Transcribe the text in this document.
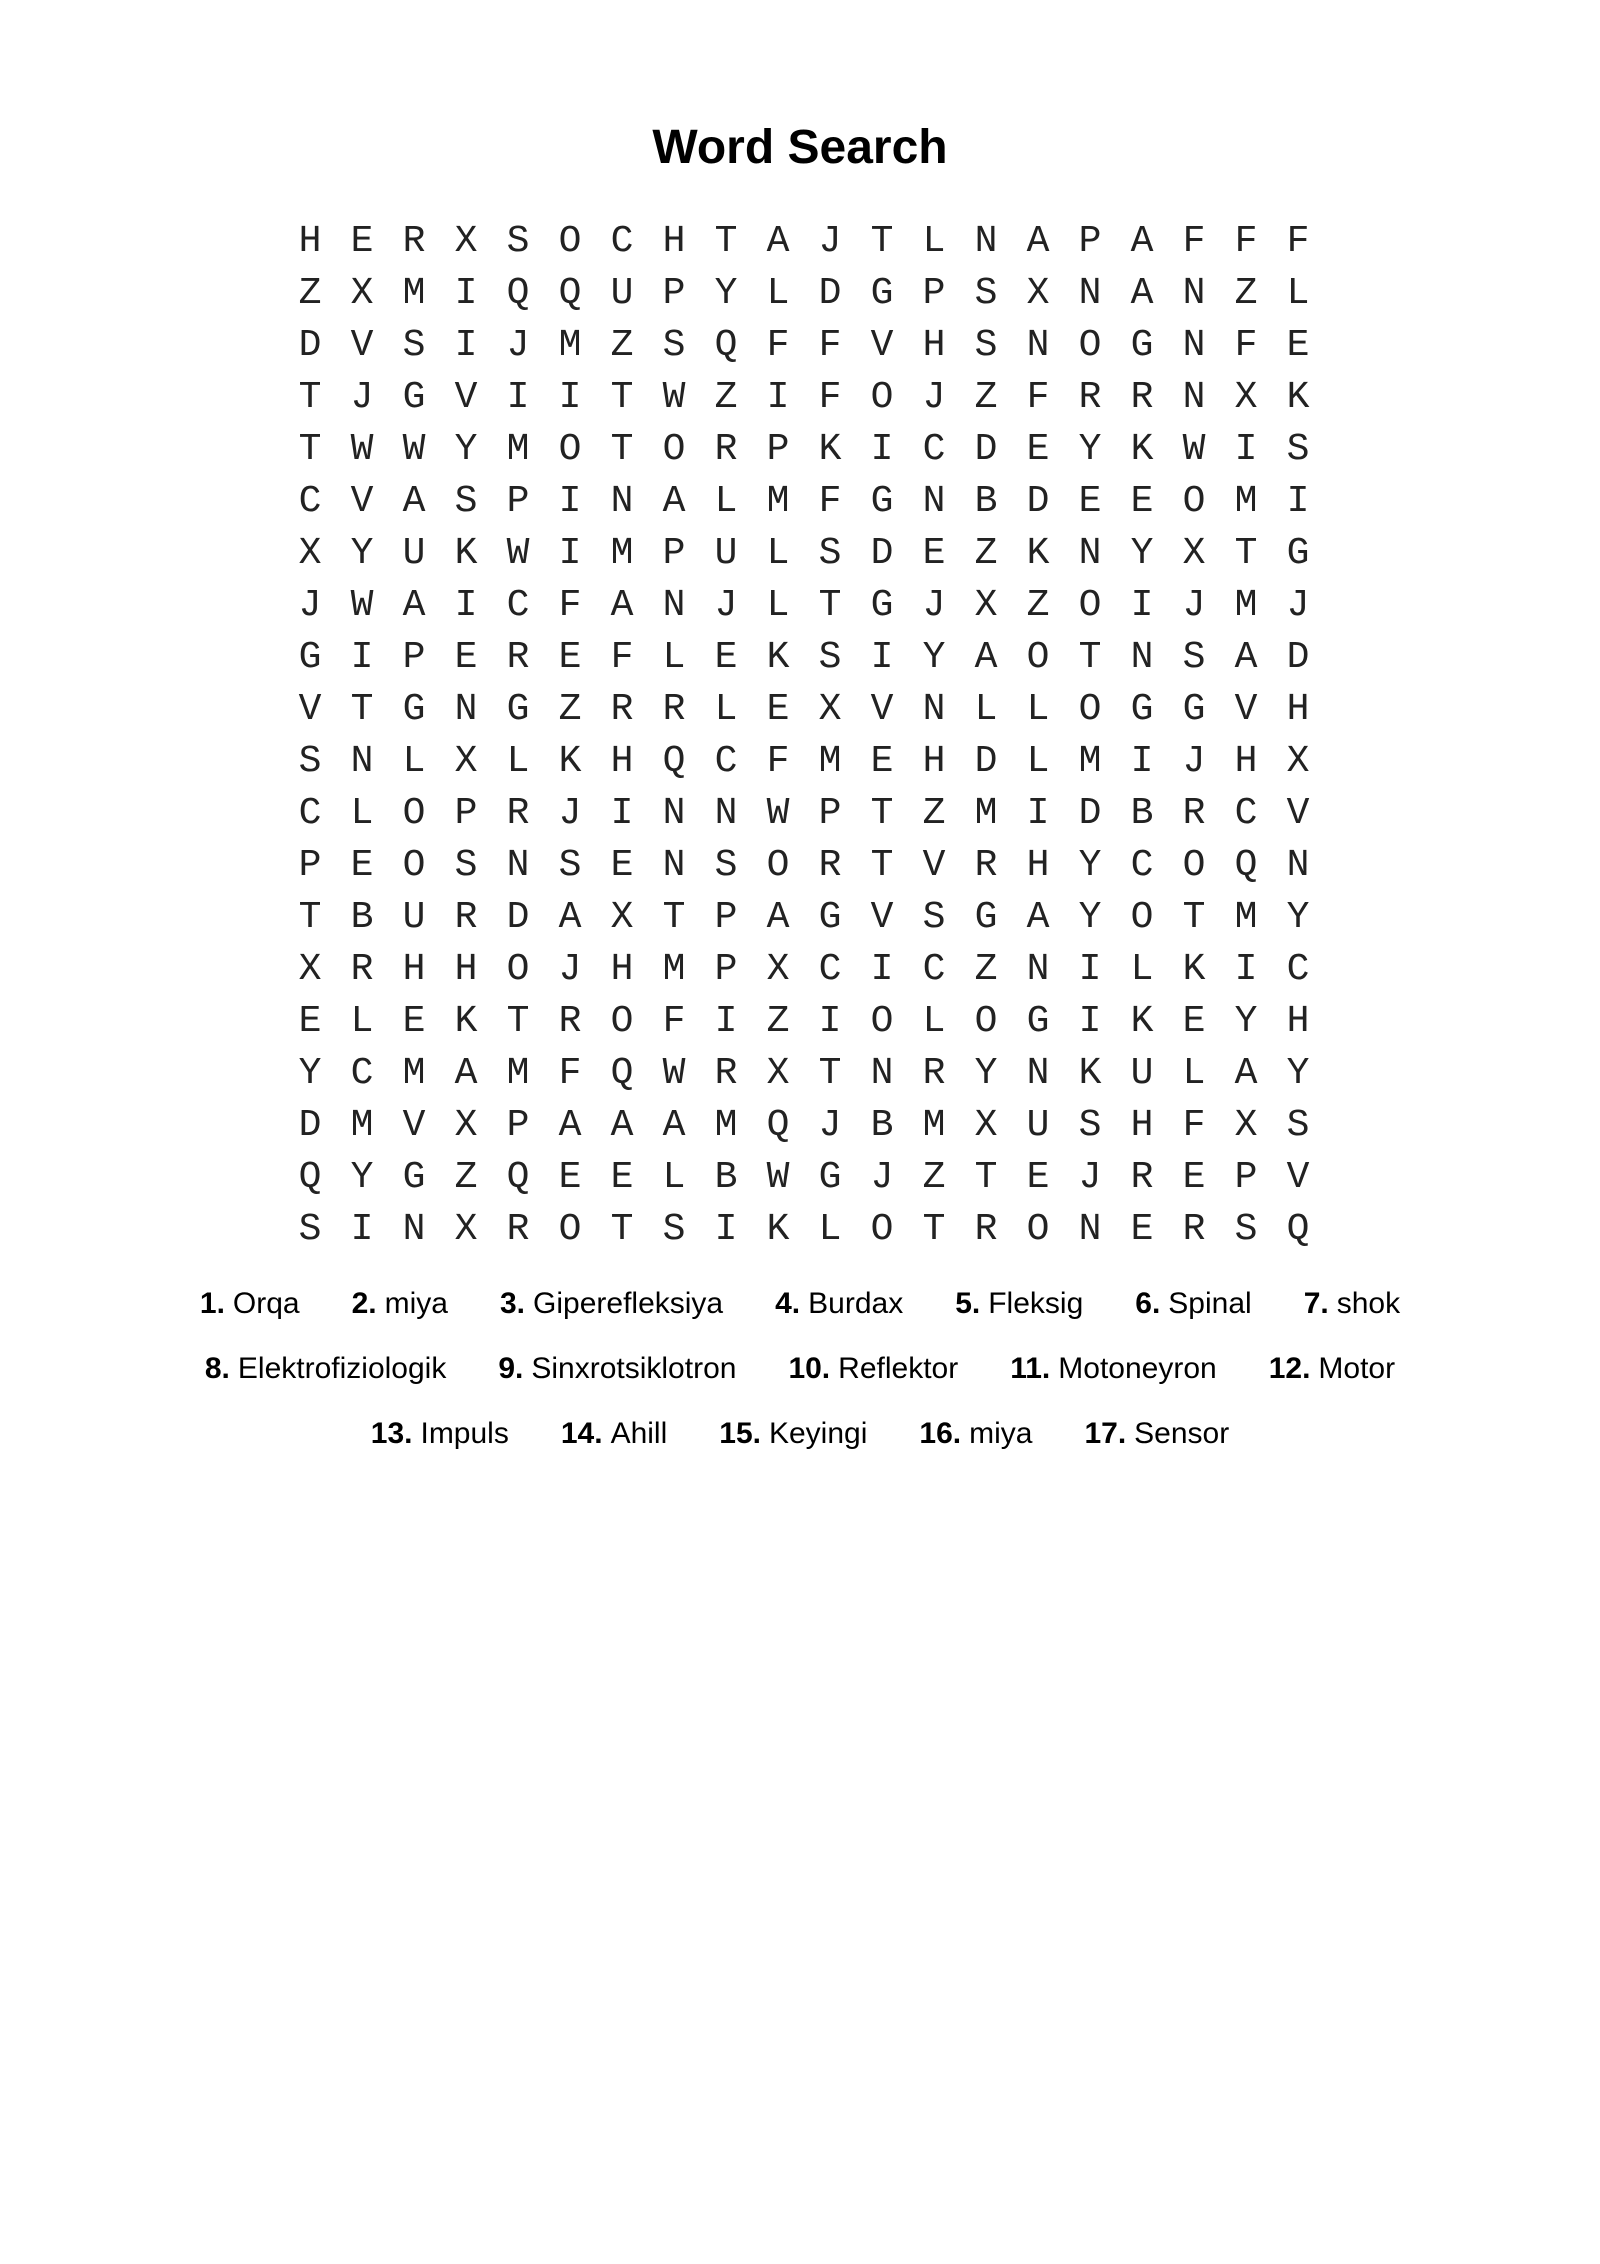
Word Search
H E R X S O C H T A J T L N A P A F F F
Z X M I Q Q U P Y L D G P S X N A N Z L
D V S I J M Z S Q F F V H S N O G N F E
T J G V I I T W Z I F O J Z F R R N X K
T W W Y M O T O R P K I C D E Y K W I S
C V A S P I N A L M F G N B D E E O M I
X Y U K W I M P U L S D E Z K N Y X T G
J W A I C F A N J L T G J X Z O I J M J
G I P E R E F L E K S I Y A O T N S A D
V T G N G Z R R L E X V N L L O G G V H
S N L X L K H Q C F M E H D L M I J H X
C L O P R J I N N W P T Z M I D B R C V
P E O S N S E N S O R T V R H Y C O Q N
T B U R D A X T P A G V S G A Y O T M Y
X R H H O J H M P X C I C Z N I L K I C
E L E K T R O F I Z I O L O G I K E Y H
Y C M A M F Q W R X T N R Y N K U L A Y
D M V X P A A A M Q J B M X U S H F X S
Q Y G Z Q E E L B W G J Z T E J R E P V
S I N X R O T S I K L O T R O N E R S Q
1. Orqa 2. miya 3. Giperefleksiya 4. Burdax 5. Fleksig 6. Spinal 7. shok
8. Elektrofiziologik 9. Sinxrotsiklotron 10. Reflektor 11. Motoneyron 12. Motor
13. Impuls 14. Ahill 15. Keyingi 16. miya 17. Sensor
